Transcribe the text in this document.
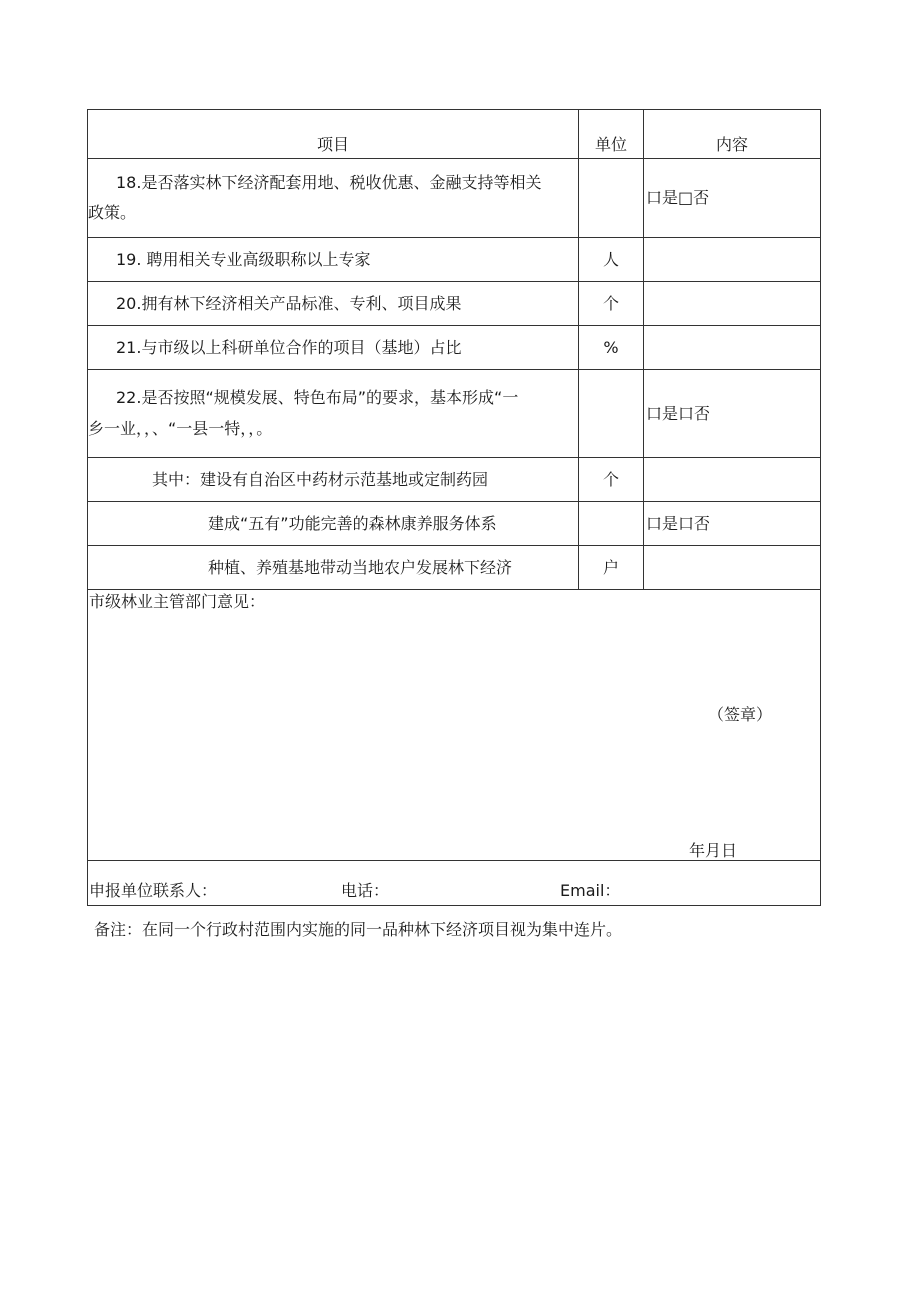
项目	单位	内容
18.是否落实林下经济配套用地、税收优惠、金融支持等相关
政策。		口是□否
19. 聘用相关专业高级职称以上专家	人	
20.拥有林下经济相关产品标准、专利、项目成果	个	
21.与市级以上科研单位合作的项目（基地）占比	%	
22.是否按照“规模发展、特色布局”的要求，基本形成“一
乡一业，，、“一县一特，，。		口是口否
其中：建设有自治区中药材示范基地或定制药园	个	
建成“五有”功能完善的森林康养服务体系		口是口否
种植、养殖基地带动当地农户发展林下经济	户	

市级林业主管部门意见：
（签章）
年月日		

申报单位联系人： 电话： Email：		
备注：在同一个行政村范围内实施的同一品种林下经济项目视为集中连片。
